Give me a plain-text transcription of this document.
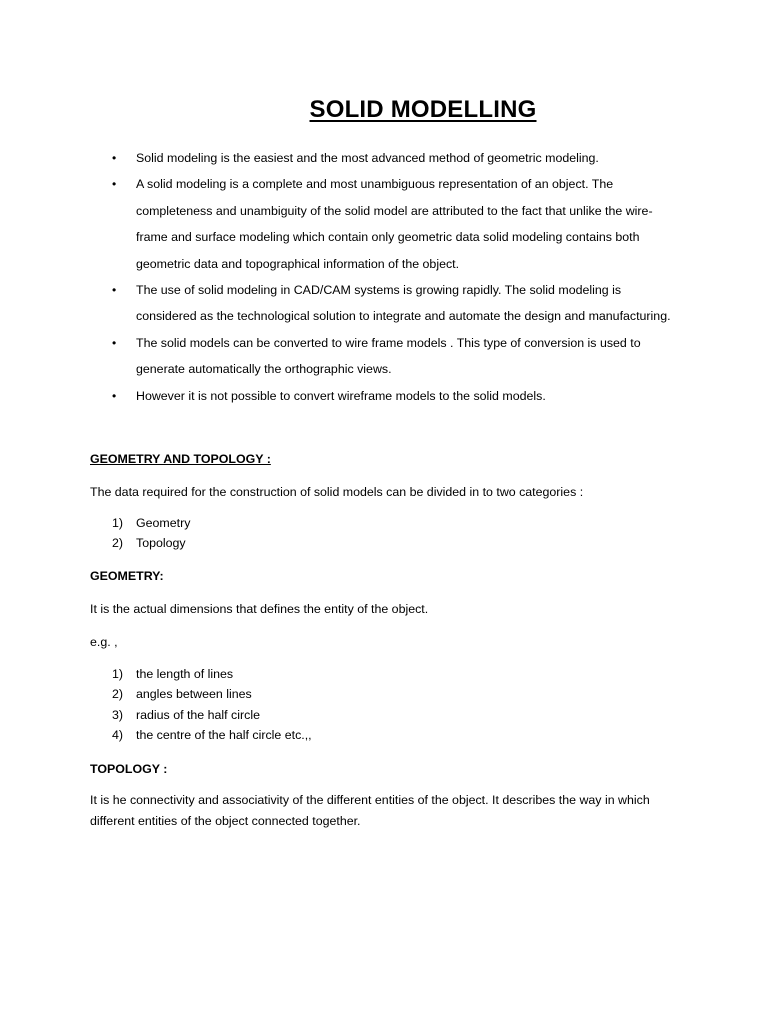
SOLID MODELLING
• Solid modeling is the easiest and the most advanced method of geometric modeling.
• A solid modeling is a complete and most unambiguous representation of an object. The completeness and unambiguity of the solid model are attributed to the fact that unlike the wire-frame and surface modeling which contain only geometric data solid modeling contains both geometric data and topographical information of the object.
• The use of solid modeling in CAD/CAM systems is growing rapidly. The solid modeling is considered as the technological solution to integrate and automate the design and manufacturing.
• The solid models can be converted to wire frame models . This type of conversion is used to generate automatically the orthographic views.
• However it is not possible to convert wireframe models to the solid models.

GEOMETRY AND TOPOLOGY :

The data required for the construction of solid models can be divided in to two categories :

1) Geometry
2) Topology

GEOMETRY:

It is the actual dimensions that defines the entity of the object.

e.g. ,

1) the length of lines
2) angles between lines
3) radius of the half circle
4) the centre of the half circle etc.,,

TOPOLOGY :

It is he connectivity and associativity of the different entities of the object. It describes the way in which

different entities of the object connected together.
